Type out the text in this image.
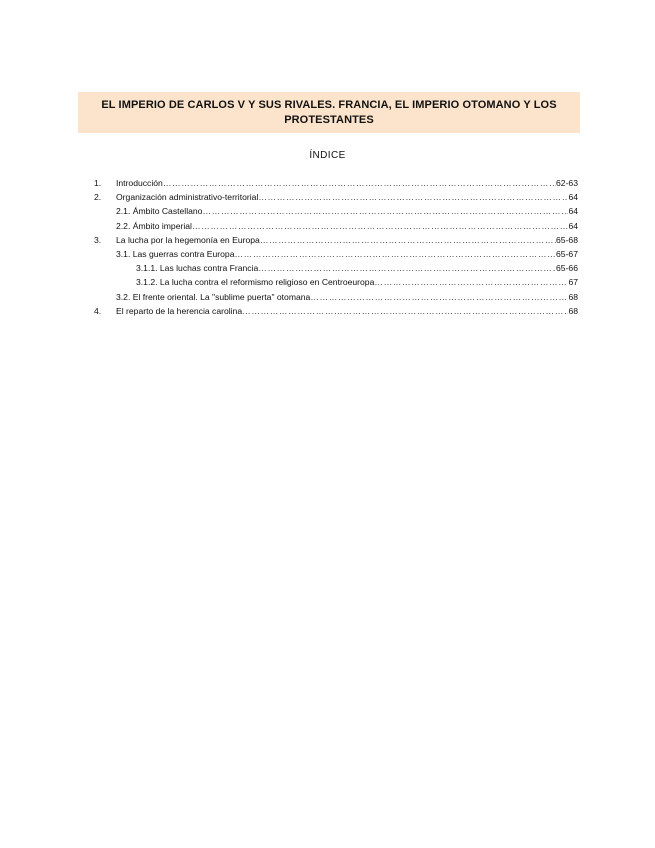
EL IMPERIO DE CARLOS V Y SUS RIVALES. FRANCIA, EL IMPERIO OTOMANO Y LOS
PROTESTANTES
ÍNDICE
1.	Introducción ……………………………………………………………………………………………………………………………………………………………………………………	62-63
2.	Organización administrativo-territorial ……………………………………………………………………………………………………………………………………………………………………………………	64
2.1. Ámbito Castellano ……………………………………………………………………………………………………………………………………………………………………………………	64
2.2. Ámbito imperial ……………………………………………………………………………………………………………………………………………………………………………………	64
3.	La lucha por la hegemonía en Europa ……………………………………………………………………………………………………………………………………………………………………………………	65-68
3.1. Las guerras contra Europa ……………………………………………………………………………………………………………………………………………………………………………………	65-67
3.1.1. Las luchas contra Francia ……………………………………………………………………………………………………………………………………………………………………………………	65-66
3.1.2. La lucha contra el reformismo religioso en Centroeuropa ……………………………………………………………………………………………………………………………………………………………………………………	67
3.2. El frente oriental. La "sublime puerta" otomana ……………………………………………………………………………………………………………………………………………………………………………………	68
4.	El reparto de la herencia carolina ……………………………………………………………………………………………………………………………………………………………………………………	68
